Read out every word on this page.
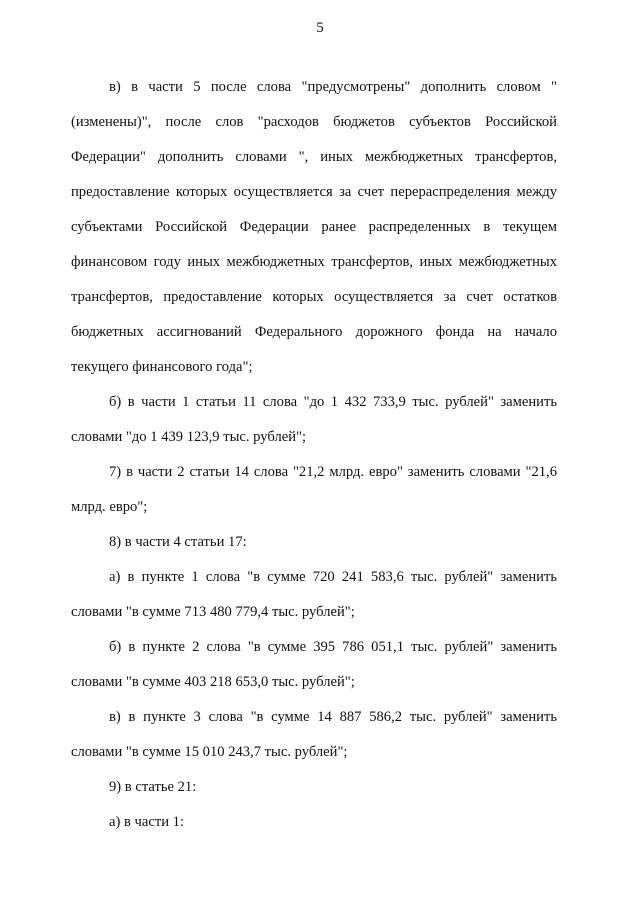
5

в) в части 5 после слова "предусмотрены" дополнить словом "(изменены)", после слов "расходов бюджетов субъектов Российской Федерации" дополнить словами ", иных межбюджетных трансфертов, предоставление которых осуществляется за счет перераспределения между субъектами Российской Федерации ранее распределенных в текущем финансовом году иных межбюджетных трансфертов, иных межбюджетных трансфертов, предоставление которых осуществляется за счет остатков бюджетных ассигнований Федерального дорожного фонда на начало текущего финансового года";

б) в части 1 статьи 11 слова "до 1 432 733,9 тыс. рублей" заменить словами "до 1 439 123,9 тыс. рублей";

7) в части 2 статьи 14 слова "21,2 млрд. евро" заменить словами "21,6 млрд. евро";

8) в части 4 статьи 17:

а) в пункте 1 слова "в сумме 720 241 583,6 тыс. рублей" заменить словами "в сумме 713 480 779,4 тыс. рублей";

б) в пункте 2 слова "в сумме 395 786 051,1 тыс. рублей" заменить словами "в сумме 403 218 653,0 тыс. рублей";

в) в пункте 3 слова "в сумме 14 887 586,2 тыс. рублей" заменить словами "в сумме 15 010 243,7 тыс. рублей";

9) в статье 21:

а) в части 1:
